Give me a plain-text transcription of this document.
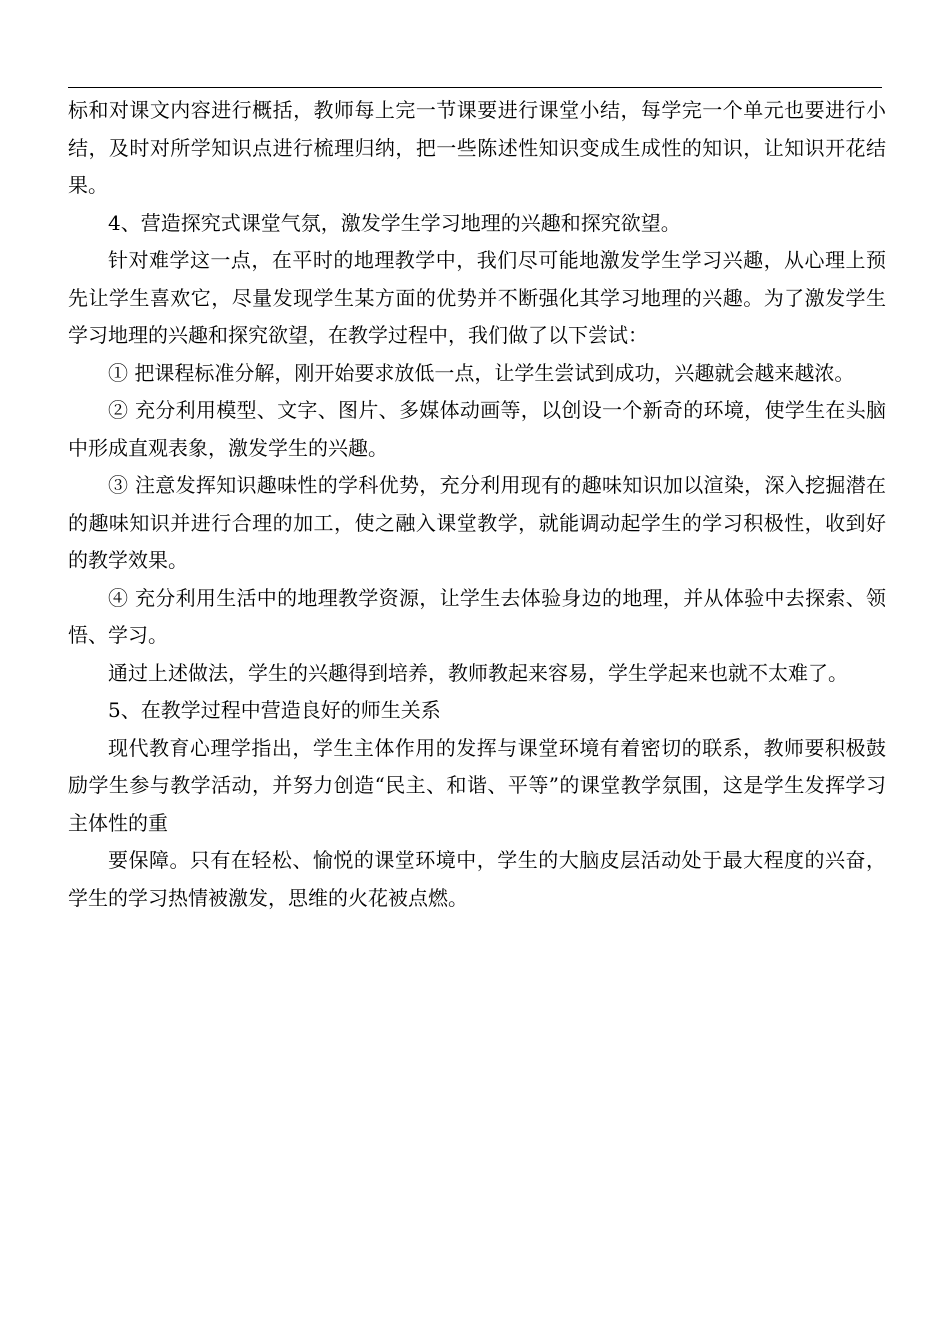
标和对课文内容进行概括，教师每上完一节课要进行课堂小结，每学完一个单元也要进行小结，及时对所学知识点进行梳理归纳，把一些陈述性知识变成生成性的知识，让知识开花结果。

4、营造探究式课堂气氛，激发学生学习地理的兴趣和探究欲望。

针对难学这一点，在平时的地理教学中，我们尽可能地激发学生学习兴趣，从心理上预先让学生喜欢它，尽量发现学生某方面的优势并不断强化其学习地理的兴趣。为了激发学生学习地理的兴趣和探究欲望，在教学过程中，我们做了以下尝试：

① 把课程标准分解，刚开始要求放低一点，让学生尝试到成功，兴趣就会越来越浓。

② 充分利用模型、文字、图片、多媒体动画等，以创设一个新奇的环境，使学生在头脑中形成直观表象，激发学生的兴趣。

③ 注意发挥知识趣味性的学科优势，充分利用现有的趣味知识加以渲染，深入挖掘潜在的趣味知识并进行合理的加工，使之融入课堂教学，就能调动起学生的学习积极性，收到好的教学效果。

④ 充分利用生活中的地理教学资源，让学生去体验身边的地理，并从体验中去探索、领悟、学习。

通过上述做法，学生的兴趣得到培养，教师教起来容易，学生学起来也就不太难了。

5、在教学过程中营造良好的师生关系

现代教育心理学指出，学生主体作用的发挥与课堂环境有着密切的联系，教师要积极鼓励学生参与教学活动，并努力创造“民主、和谐、平等”的课堂教学氛围，这是学生发挥学习主体性的重

要保障。只有在轻松、愉悦的课堂环境中，学生的大脑皮层活动处于最大程度的兴奋，学生的学习热情被激发，思维的火花被点燃。
